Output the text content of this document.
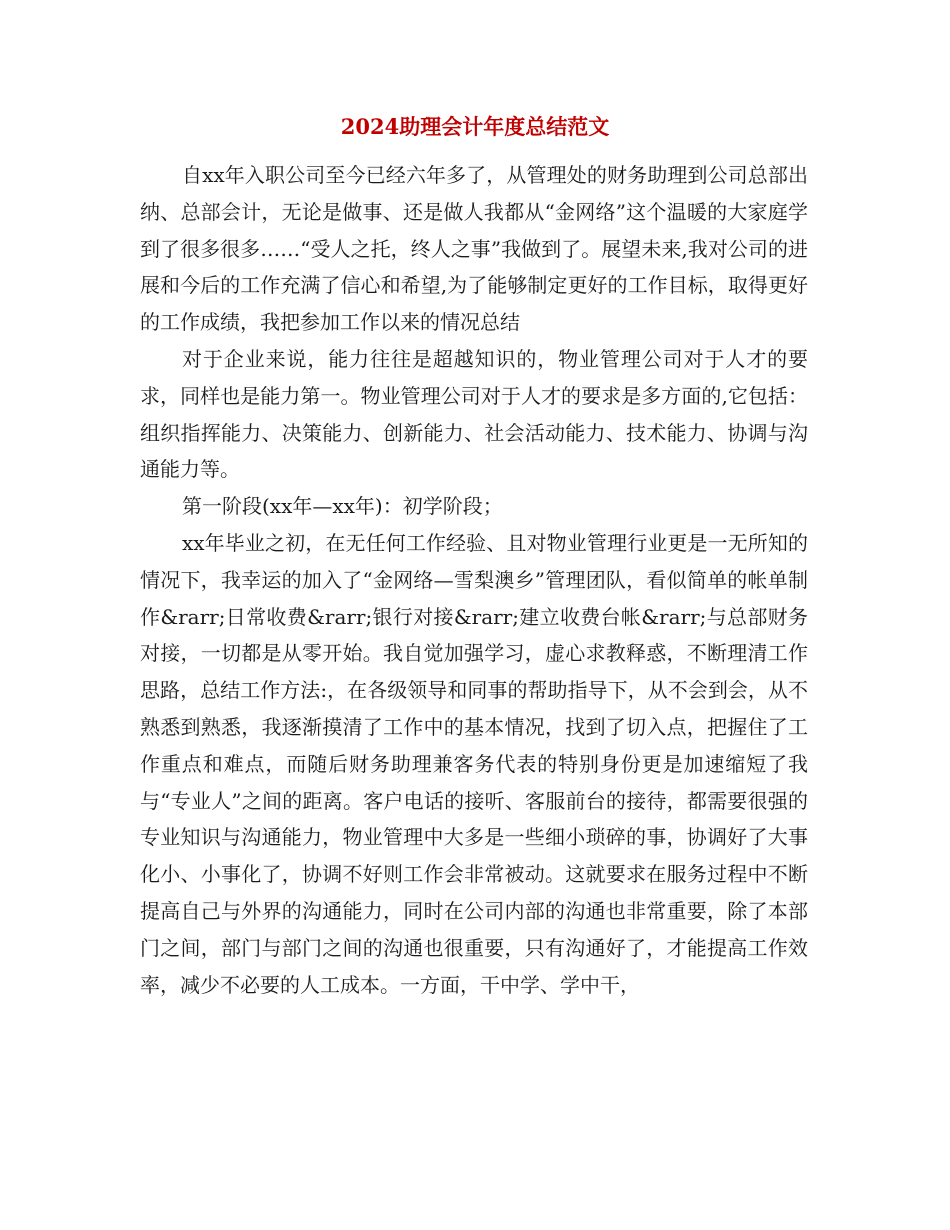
2024助理会计年度总结范文

自xx年入职公司至今已经六年多了，从管理处的财务助理到公司总部出纳、总部会计，无论是做事、还是做人我都从“金网络”这个温暖的大家庭学到了很多很多……“受人之托，终人之事”我做到了。展望未来,我对公司的进展和今后的工作充满了信心和希望,为了能够制定更好的工作目标，取得更好的工作成绩，我把参加工作以来的情况总结

对于企业来说，能力往往是超越知识的，物业管理公司对于人才的要求，同样也是能力第一。物业管理公司对于人才的要求是多方面的,它包括：组织指挥能力、决策能力、创新能力、社会活动能力、技术能力、协调与沟通能力等。

第一阶段(xx年—xx年)：初学阶段；

xx年毕业之初，在无任何工作经验、且对物业管理行业更是一无所知的情况下，我幸运的加入了“金网络—雪梨澳乡”管理团队，看似简单的帐单制作&rarr;日常收费&rarr;银行对接&rarr;建立收费台帐&rarr;与总部财务对接，一切都是从零开始。我自觉加强学习，虚心求教释惑，不断理清工作思路，总结工作方法:，在各级领导和同事的帮助指导下，从不会到会，从不熟悉到熟悉，我逐渐摸清了工作中的基本情况，找到了切入点，把握住了工作重点和难点，而随后财务助理兼客务代表的特别身份更是加速缩短了我与“专业人”之间的距离。客户电话的接听、客服前台的接待，都需要很强的专业知识与沟通能力，物业管理中大多是一些细小琐碎的事，协调好了大事化小、小事化了，协调不好则工作会非常被动。这就要求在服务过程中不断提高自己与外界的沟通能力，同时在公司内部的沟通也非常重要，除了本部门之间，部门与部门之间的沟通也很重要，只有沟通好了，才能提高工作效率，减少不必要的人工成本。一方面，干中学、学中干，
